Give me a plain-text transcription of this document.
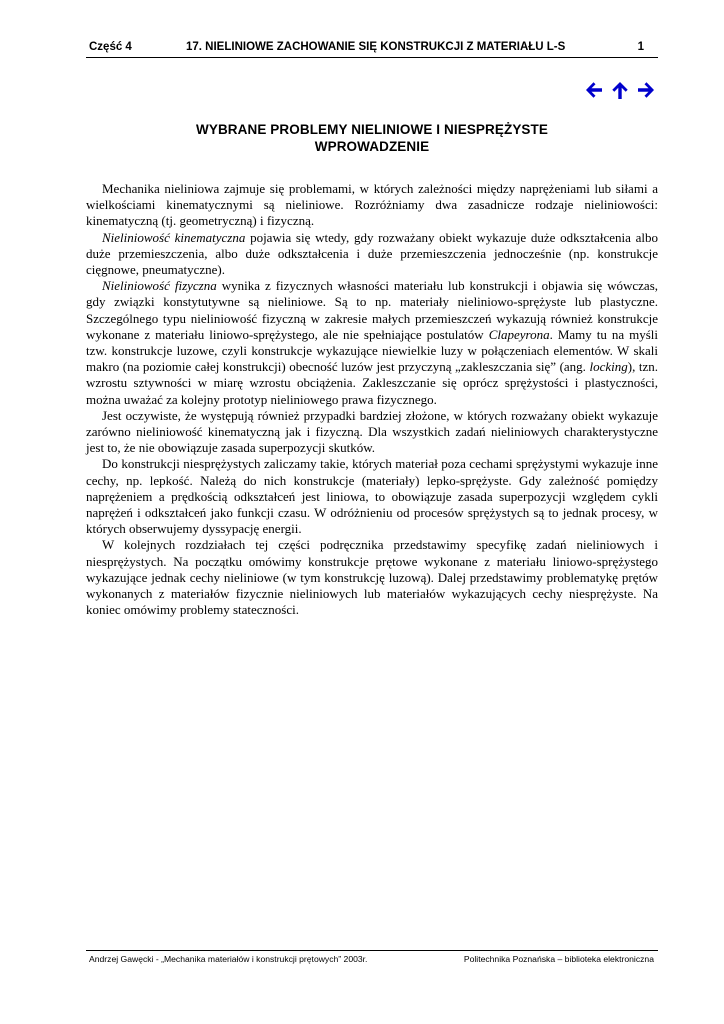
Część 4	17. NIELINIOWE ZACHOWANIE SIĘ KONSTRUKCJI Z MATERIAŁU L-S	1
WYBRANE PROBLEMY NIELINIOWE I NIESPRĘŻYSTE
WPROWADZENIE

Mechanika nieliniowa zajmuje się problemami, w których zależności między naprężeniami lub siłami a wielkościami kinematycznymi są nieliniowe. Rozróżniamy dwa zasadnicze rodzaje nieliniowości: kinematyczną (tj. geometryczną) i fizyczną.

Nieliniowość kinematyczna pojawia się wtedy, gdy rozważany obiekt wykazuje duże odkształcenia albo duże przemieszczenia, albo duże odkształcenia i duże przemieszczenia jednocześnie (np. konstrukcje cięgnowe, pneumatyczne).

Nieliniowość fizyczna wynika z fizycznych własności materiału lub konstrukcji i objawia się wówczas, gdy związki konstytutywne są nieliniowe. Są to np. materiały nieliniowo-sprężyste lub plastyczne. Szczególnego typu nieliniowość fizyczną w zakresie małych przemieszczeń wykazują również konstrukcje wykonane z materiału liniowo-sprężystego, ale nie spełniające postulatów Clapeyrona. Mamy tu na myśli tzw. konstrukcje luzowe, czyli konstrukcje wykazujące niewielkie luzy w połączeniach elementów. W skali makro (na poziomie całej konstrukcji) obecność luzów jest przyczyną „zakleszczania się” (ang. locking), tzn. wzrostu sztywności w miarę wzrostu obciążenia. Zakleszczanie się oprócz sprężystości i plastyczności, można uważać za kolejny prototyp nieliniowego prawa fizycznego.

Jest oczywiste, że występują również przypadki bardziej złożone, w których rozważany obiekt wykazuje zarówno nieliniowość kinematyczną jak i fizyczną. Dla wszystkich zadań nieliniowych charakterystyczne jest to, że nie obowiązuje zasada superpozycji skutków.

Do konstrukcji niesprężystych zaliczamy takie, których materiał poza cechami sprężystymi wykazuje inne cechy, np. lepkość. Należą do nich konstrukcje (materiały) lepko-sprężyste. Gdy zależność pomiędzy naprężeniem a prędkością odkształceń jest liniowa, to obowiązuje zasada superpozycji względem cykli naprężeń i odkształceń jako funkcji czasu. W odróżnieniu od procesów sprężystych są to jednak procesy, w których obserwujemy dyssypację energii.

W kolejnych rozdziałach tej części podręcznika przedstawimy specyfikę zadań nieliniowych i niesprężystych. Na początku omówimy konstrukcje prętowe wykonane z materiału liniowo-sprężystego wykazujące jednak cechy nieliniowe (w tym konstrukcję luzową). Dalej przedstawimy problematykę prętów wykonanych z materiałów fizycznie nieliniowych lub materiałów wykazujących cechy niesprężyste. Na koniec omówimy problemy stateczności.

Andrzej Gawęcki - „Mechanika materiałów i konstrukcji prętowych” 2003r.	Politechnika Poznańska – biblioteka elektroniczna
